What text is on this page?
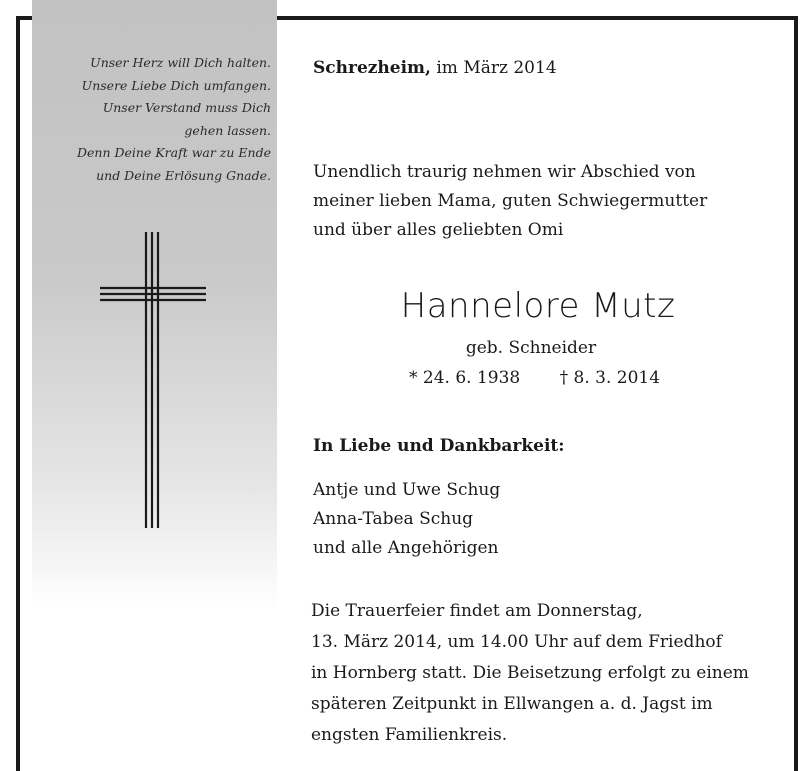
Unser Herz will Dich halten.
Unsere Liebe Dich umfangen.
Unser Verstand muss Dich
gehen lassen.
Denn Deine Kraft war zu Ende
und Deine Erlösung Gnade.
Schrezheim, im März 2014
Unendlich traurig nehmen wir Abschied von
meiner lieben Mama, guten Schwiegermutter
und über alles geliebten Omi
Hannelore Mutz
geb. Schneider
* 24. 6. 1938 † 8. 3. 2014
In Liebe und Dankbarkeit:
Antje und Uwe Schug
Anna-Tabea Schug
und alle Angehörigen
Die Trauerfeier findet am Donnerstag,
13. März 2014, um 14.00 Uhr auf dem Friedhof
in Hornberg statt. Die Beisetzung erfolgt zu einem
späteren Zeitpunkt in Ellwangen a. d. Jagst im
engsten Familienkreis.
